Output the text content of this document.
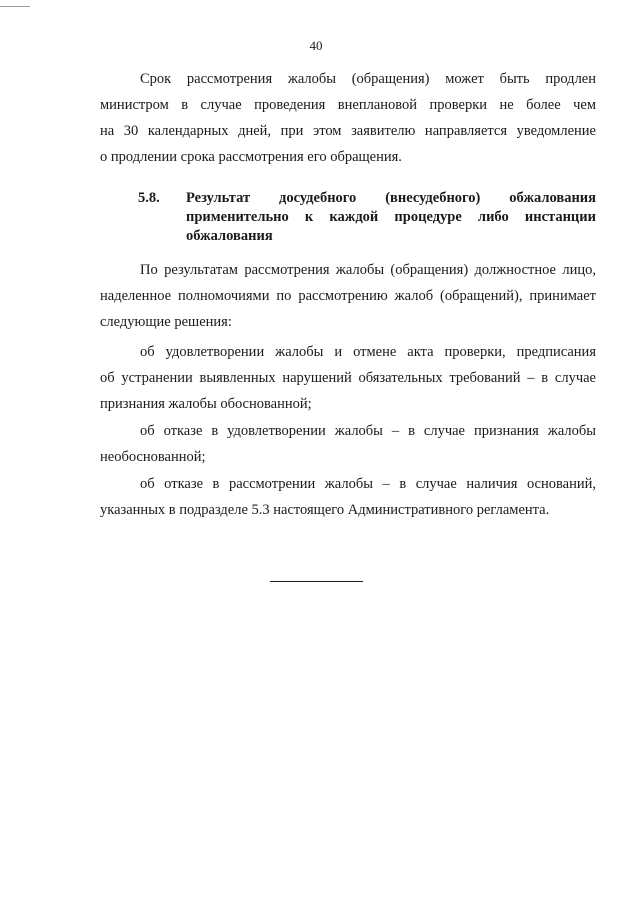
40
Срок рассмотрения жалобы (обращения) может быть продлен
министром в случае проведения внеплановой проверки не более чем
на 30 календарных дней, при этом заявителю направляется уведомление
о продлении срока рассмотрения его обращения.
5.8. Результат досудебного (внесудебного) обжалования
применительно к каждой процедуре либо инстанции
обжалования
По результатам рассмотрения жалобы (обращения) должностное лицо,
наделенное полномочиями по рассмотрению жалоб (обращений), принимает
следующие решения:
об удовлетворении жалобы и отмене акта проверки, предписания
об устранении выявленных нарушений обязательных требований – в случае
признания жалобы обоснованной;
об отказе в удовлетворении жалобы – в случае признания жалобы
необоснованной;
об отказе в рассмотрении жалобы – в случае наличия оснований,
указанных в подразделе 5.3 настоящего Административного регламента.
